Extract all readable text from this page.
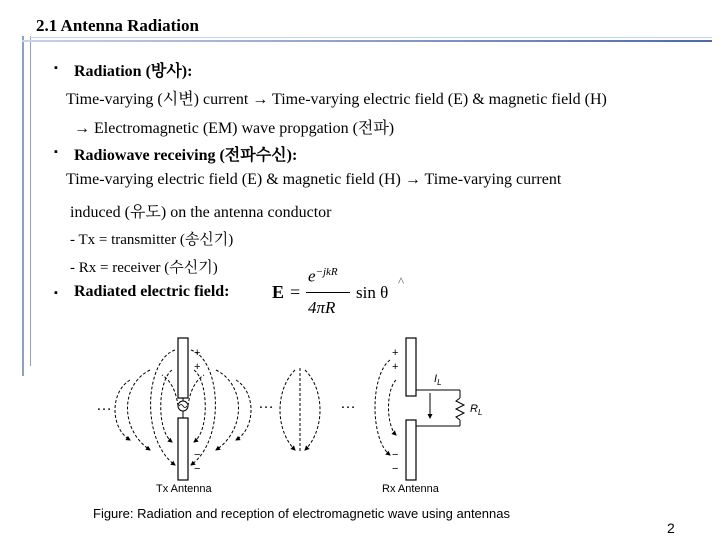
2.1 Antenna Radiation
▪ Radiation (방사):
Time-varying (시변) current → Time-varying electric field (E) & magnetic field (H)
→ Electromagnetic (EM) wave propgation (전파)
▪ Radiowave receiving (전파수신):
Time-varying electric field (E) & magnetic field (H) → Time-varying current
induced (유도) on the antenna conductor
- Tx = transmitter (송신기)
- Rx = receiver (수신기)
▪ Radiated electric field: E =
$e^{-jkR}$
4πR
sin θ
^
+
+
−
−
…	…	…
+
+
−
−
$I_L$
$R_L$
Tx Antenna	Rx Antenna
Figure: Radiation and reception of electromagnetic wave using antennas
2
